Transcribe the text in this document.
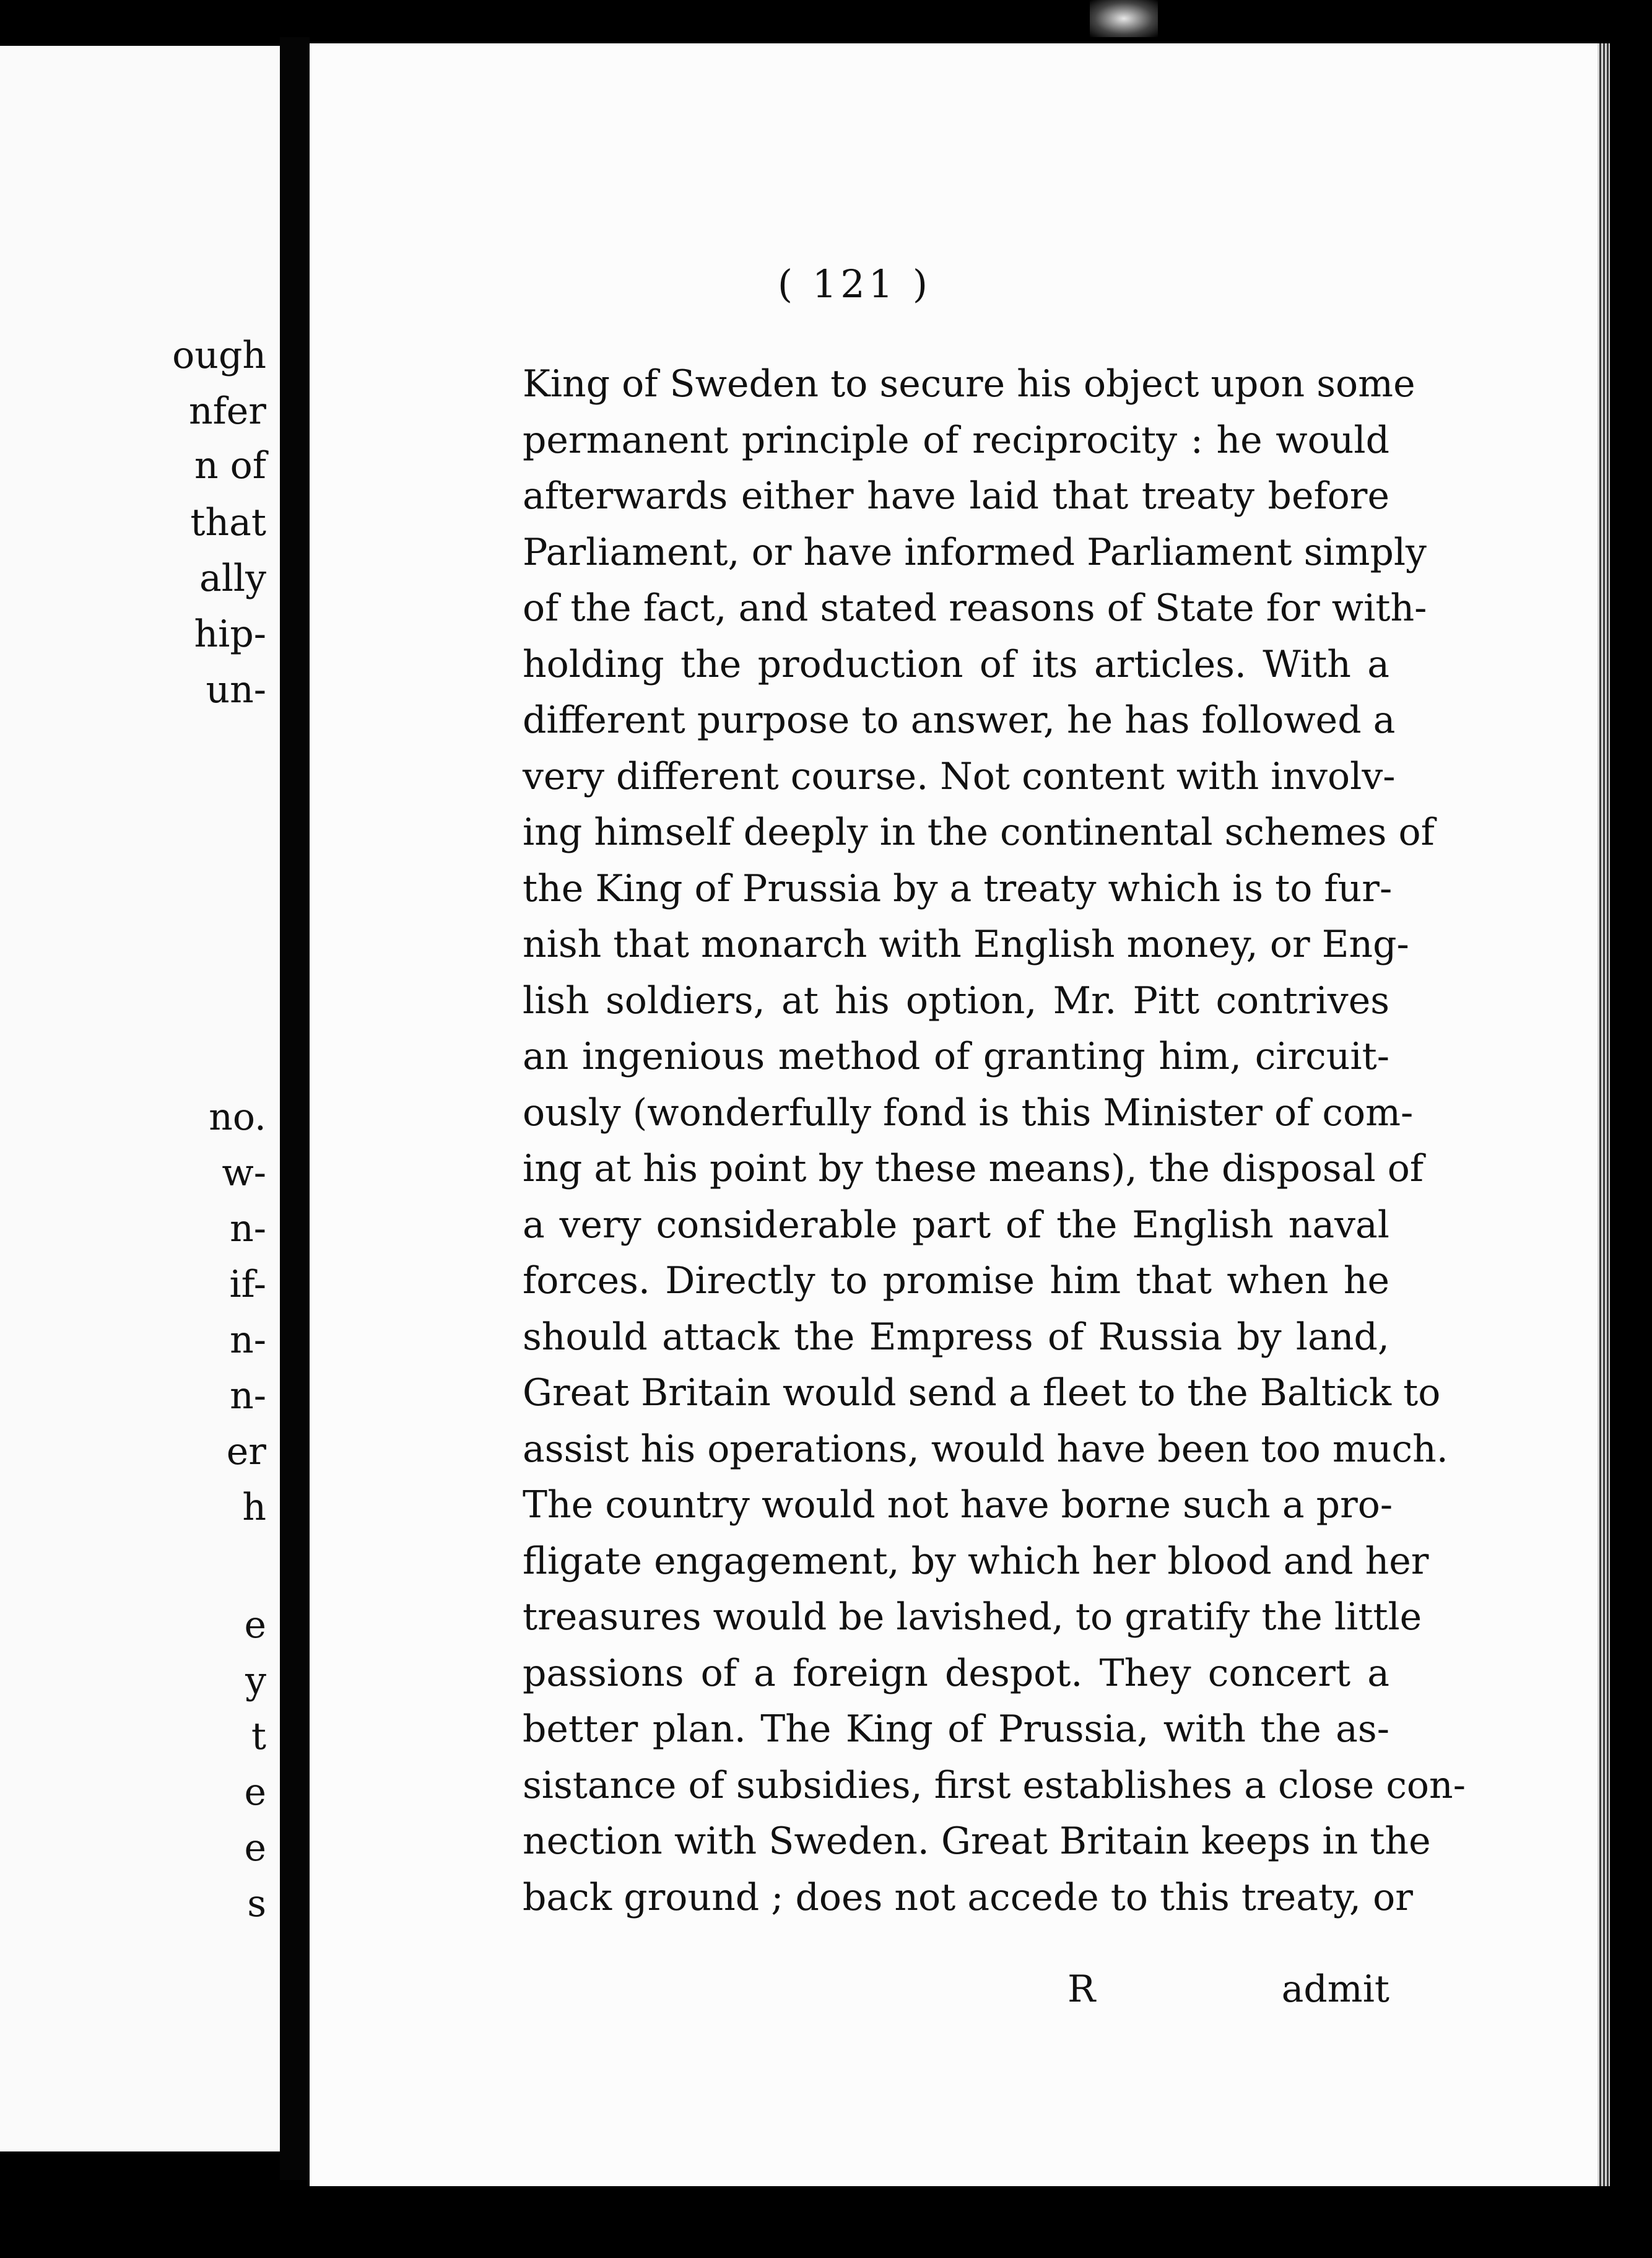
ough
nfer
n of
that
ally
hip-
un-
no.
w-
n-
if-
n-
n-
er
h
e
y
t
e
e
s
( 121 )
King of Sweden to secure his object upon some
permanent principle of reciprocity : he would
afterwards either have laid that treaty before
Parliament, or have informed Parliament simply
of the fact, and stated reasons of State for with-
holding the production of its articles. With a
different purpose to answer, he has followed a
very different course. Not content with involv-
ing himself deeply in the continental schemes of
the King of Prussia by a treaty which is to fur-
nish that monarch with English money, or Eng-
lish soldiers, at his option, Mr. Pitt contrives
an ingenious method of granting him, circuit-
ously (wonderfully fond is this Minister of com-
ing at his point by these means), the disposal of
a very considerable part of the English naval
forces. Directly to promise him that when he
should attack the Empress of Russia by land,
Great Britain would send a fleet to the Baltick to
assist his operations, would have been too much.
The country would not have borne such a pro-
fligate engagement, by which her blood and her
treasures would be lavished, to gratify the little
passions of a foreign despot. They concert a
better plan. The King of Prussia, with the as-
sistance of subsidies, first establishes a close con-
nection with Sweden. Great Britain keeps in the
back ground ; does not accede to this treaty, or
R	admit
